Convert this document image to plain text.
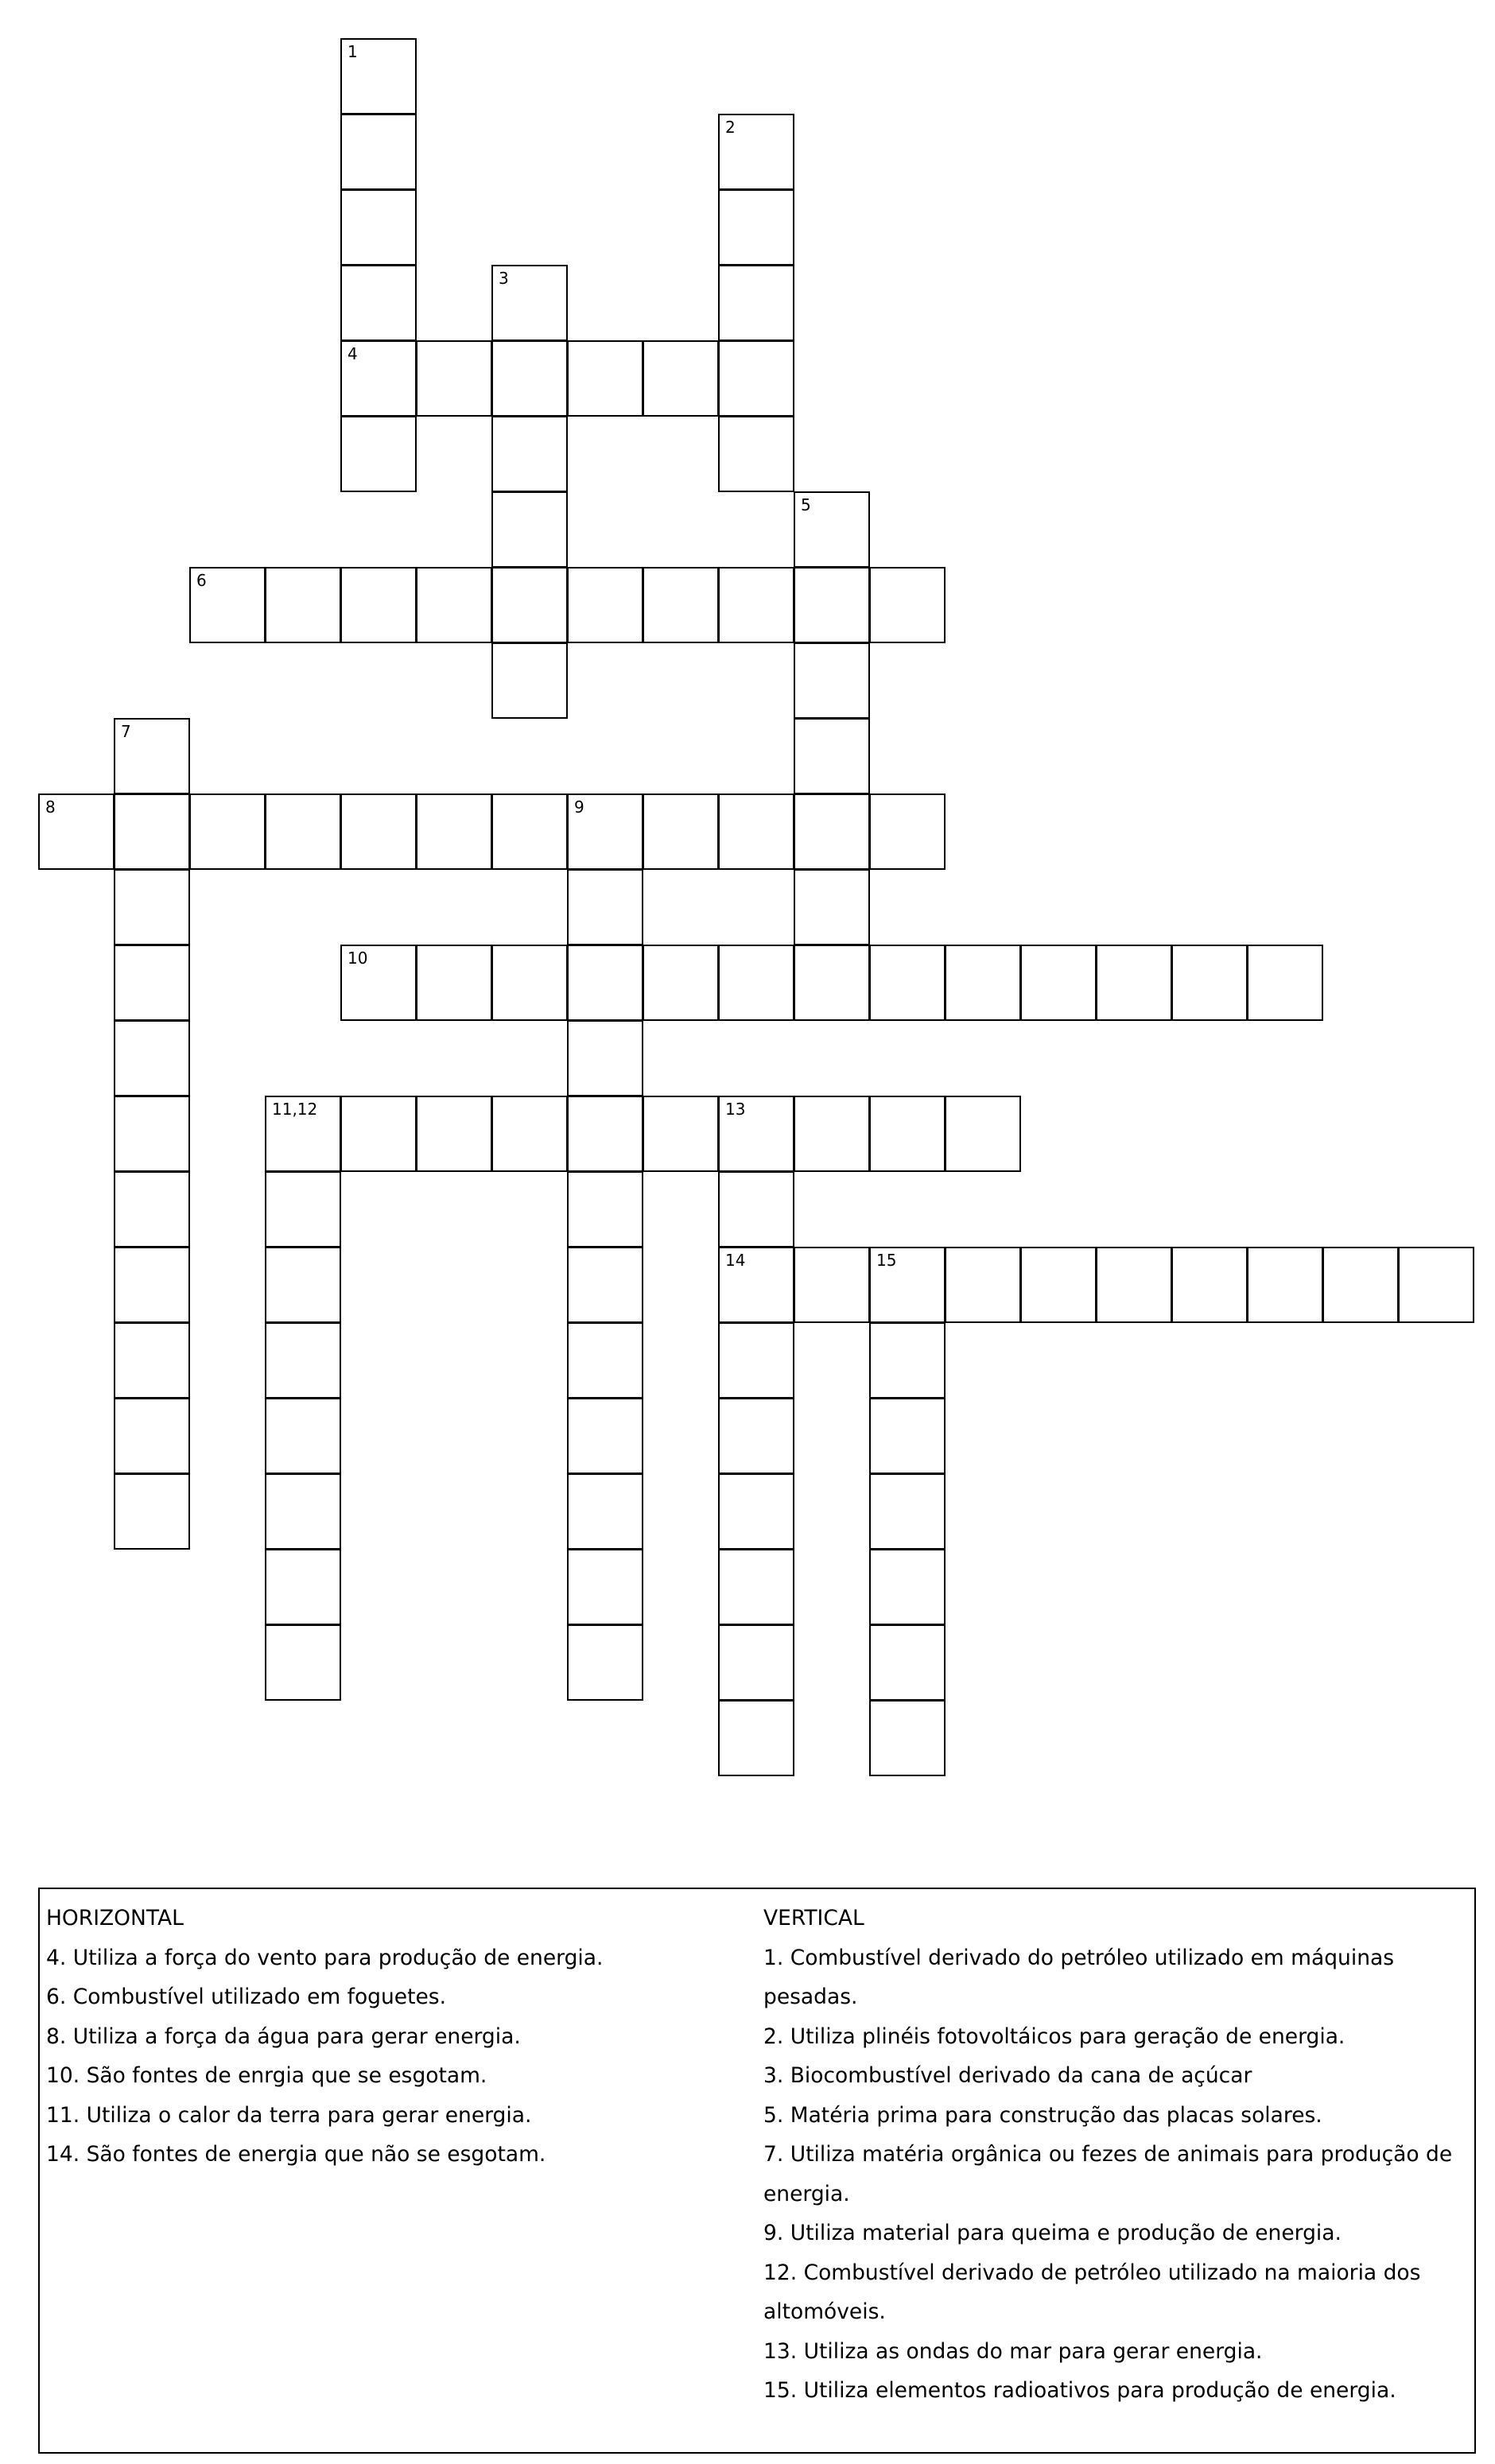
1
2
3
4
5
6
7
8	9
10
11,12	13
14	15
HORIZONTAL
4. Utiliza a força do vento para produção de energia.
6. Combustível utilizado em foguetes.
8. Utiliza a força da água para gerar energia.
10. São fontes de enrgia que se esgotam.
11. Utiliza o calor da terra para gerar energia.
14. São fontes de energia que não se esgotam.
VERTICAL
1. Combustível derivado do petróleo utilizado em máquinas pesadas.
2. Utiliza plinéis fotovoltáicos para geração de energia.
3. Biocombustível derivado da cana de açúcar
5. Matéria prima para construção das placas solares.
7. Utiliza matéria orgânica ou fezes de animais para produção de energia.
9. Utiliza material para queima e produção de energia.
12. Combustível derivado de petróleo utilizado na maioria dos altomóveis.
13. Utiliza as ondas do mar para gerar energia.
15. Utiliza elementos radioativos para produção de energia.
